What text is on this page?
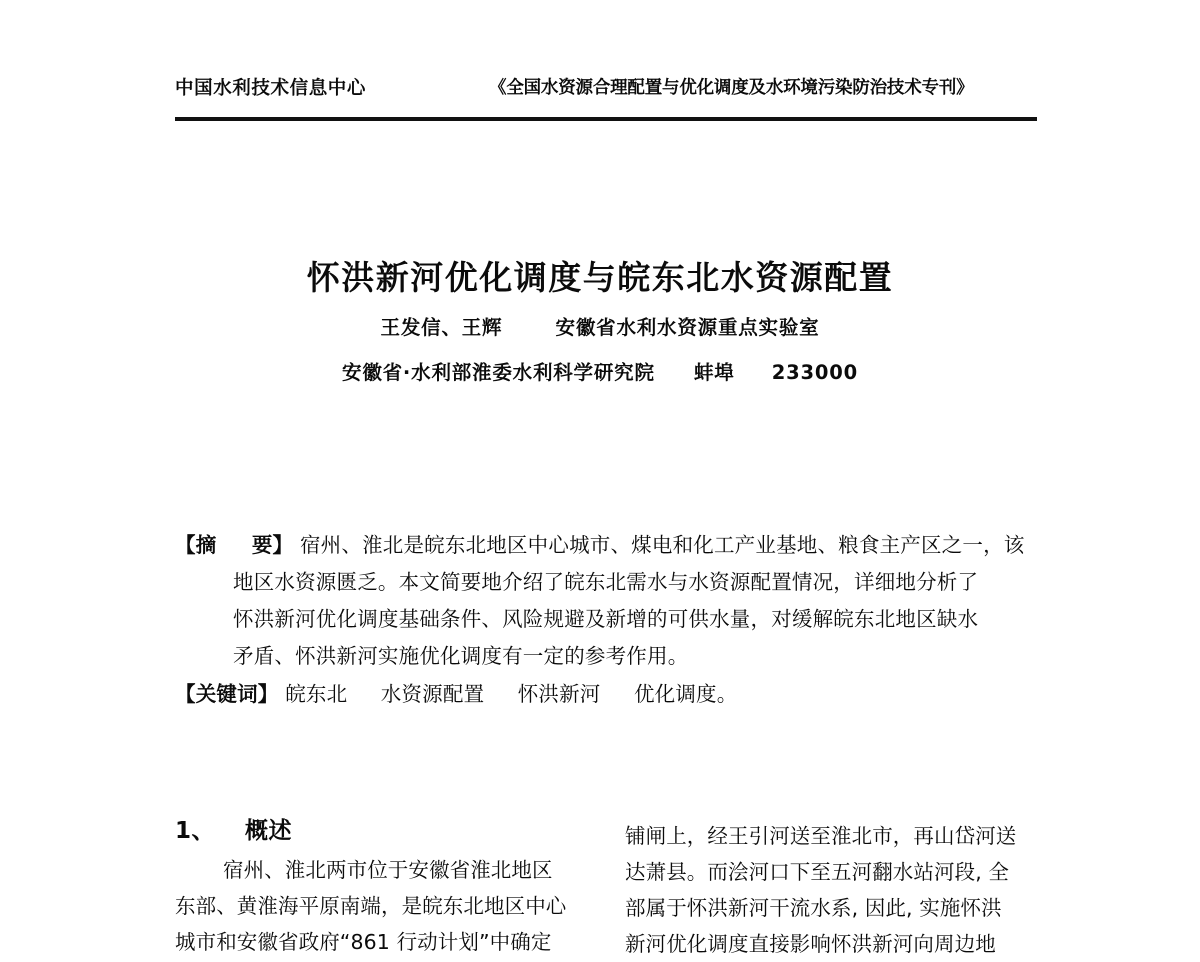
中国水利技术信息中心	《全国水资源合理配置与优化调度及水环境污染防治技术专刊》
怀洪新河优化调度与皖东北水资源配置
王发信、王辉	安徽省水利水资源重点实验室
安徽省·水利部淮委水利科学研究院 蚌埠 233000
【摘 要】 宿州、淮北是皖东北地区中心城市、煤电和化工产业基地、粮食主产区之一，该
地区水资源匮乏。本文简要地介绍了皖东北需水与水资源配置情况，详细地分析了
怀洪新河优化调度基础条件、风险规避及新增的可供水量，对缓解皖东北地区缺水
矛盾、怀洪新河实施优化调度有一定的参考作用。
【关键词】 皖东北 水资源配置 怀洪新河 优化调度。
1、 概述
宿州、淮北两市位于安徽省淮北地区
东部、黄淮海平原南端，是皖东北地区中心
城市和安徽省政府“861 行动计划”中确定
铺闸上，经王引河送至淮北市，再山岱河送
达萧县。而浍河口下至五河翻水站河段, 全
部属于怀洪新河干流水系, 因此, 实施怀洪
新河优化调度直接影响怀洪新河向周边地
